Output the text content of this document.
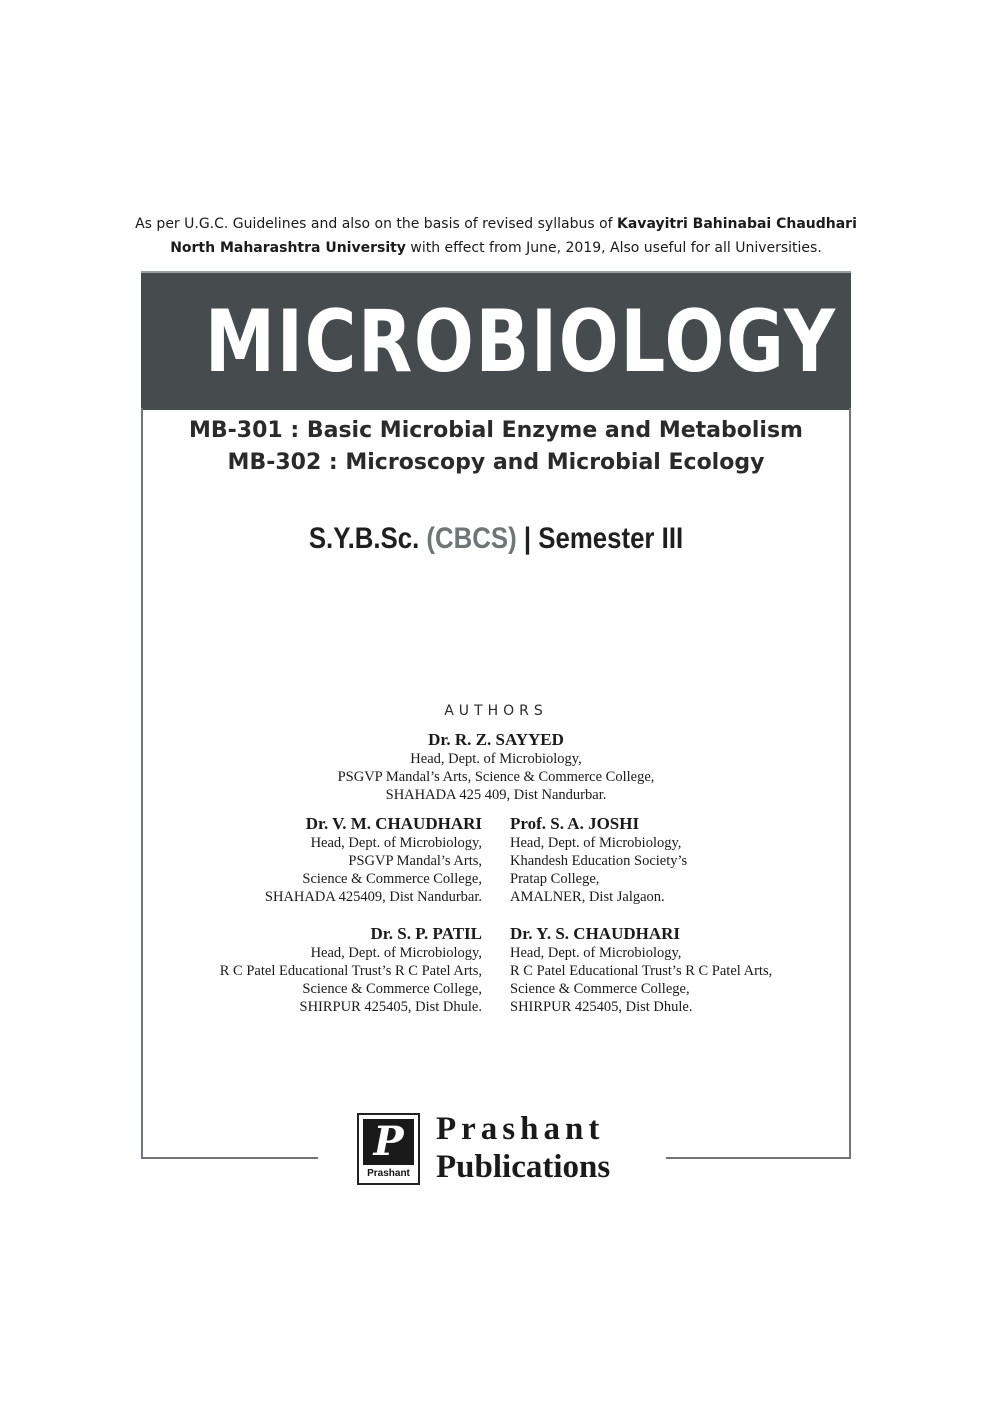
As per U.G.C. Guidelines and also on the basis of revised syllabus of Kavayitri Bahinabai Chaudhari
North Maharashtra University with effect from June, 2019, Also useful for all Universities.
MICROBIOLOGY
MB-301 : Basic Microbial Enzyme and Metabolism
MB-302 : Microscopy and Microbial Ecology
S.Y.B.Sc. (CBCS) | Semester III
AUTHORS
Dr. R. Z. SAYYED
Head, Dept. of Microbiology,
PSGVP Mandal’s Arts, Science & Commerce College,
SHAHADA 425 409, Dist Nandurbar.
Dr. V. M. CHAUDHARI
Head, Dept. of Microbiology,
PSGVP Mandal’s Arts,
Science & Commerce College,
SHAHADA 425409, Dist Nandurbar.
Prof. S. A. JOSHI
Head, Dept. of Microbiology,
Khandesh Education Society’s
Pratap College,
AMALNER, Dist Jalgaon.
Dr. S. P. PATIL
Head, Dept. of Microbiology,
R C Patel Educational Trust’s R C Patel Arts,
Science & Commerce College,
SHIRPUR 425405, Dist Dhule.
Dr. Y. S. CHAUDHARI
Head, Dept. of Microbiology,
R C Patel Educational Trust’s R C Patel Arts,
Science & Commerce College,
SHIRPUR 425405, Dist Dhule.
P
Prashant
Prashant
Publications
